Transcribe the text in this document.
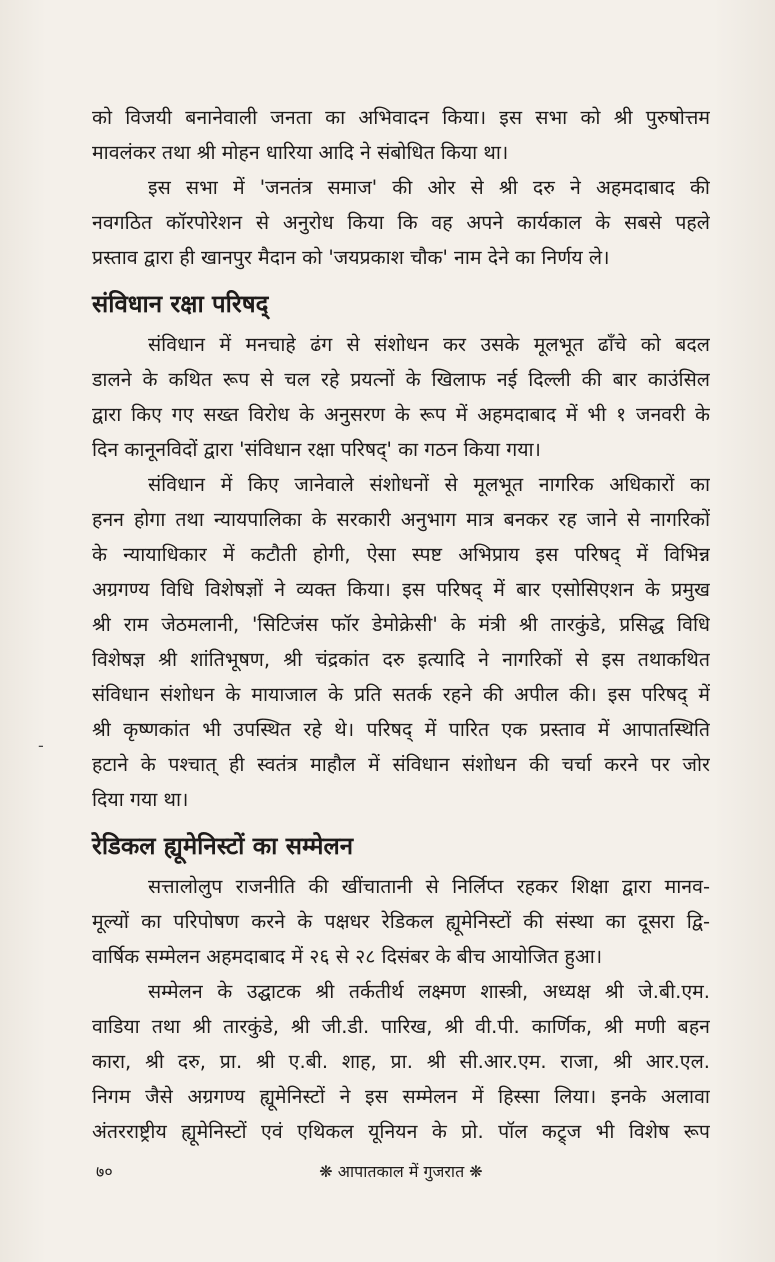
को विजयी बनानेवाली जनता का अभिवादन किया। इस सभा को श्री पुरुषोत्तम
मावलंकर तथा श्री मोहन धारिया आदि ने संबोधित किया था।
इस सभा में 'जनतंत्र समाज' की ओर से श्री दरु ने अहमदाबाद की
नवगठित कॉरपोरेशन से अनुरोध किया कि वह अपने कार्यकाल के सबसे पहले
प्रस्ताव द्वारा ही खानपुर मैदान को 'जयप्रकाश चौक' नाम देने का निर्णय ले।
संविधान रक्षा परिषद्
संविधान में मनचाहे ढंग से संशोधन कर उसके मूलभूत ढाँचे को बदल
डालने के कथित रूप से चल रहे प्रयत्नों के खिलाफ नई दिल्ली की बार काउंसिल
द्वारा किए गए सख्त विरोध के अनुसरण के रूप में अहमदाबाद में भी १ जनवरी के
दिन कानूनविदों द्वारा 'संविधान रक्षा परिषद्' का गठन किया गया।
संविधान में किए जानेवाले संशोधनों से मूलभूत नागरिक अधिकारों का
हनन होगा तथा न्यायपालिका के सरकारी अनुभाग मात्र बनकर रह जाने से नागरिकों
के न्यायाधिकार में कटौती होगी, ऐसा स्पष्ट अभिप्राय इस परिषद् में विभिन्न
अग्रगण्य विधि विशेषज्ञों ने व्यक्त किया। इस परिषद् में बार एसोसिएशन के प्रमुख
श्री राम जेठमलानी, 'सिटिजंस फॉर डेमोक्रेसी' के मंत्री श्री तारकुंडे, प्रसिद्ध विधि
विशेषज्ञ श्री शांतिभूषण, श्री चंद्रकांत दरु इत्यादि ने नागरिकों से इस तथाकथित
संविधान संशोधन के मायाजाल के प्रति सतर्क रहने की अपील की। इस परिषद् में
श्री कृष्णकांत भी उपस्थित रहे थे। परिषद् में पारित एक प्रस्ताव में आपातस्थिति
हटाने के पश्चात् ही स्वतंत्र माहौल में संविधान संशोधन की चर्चा करने पर जोर
दिया गया था।
रेडिकल ह्यूमेनिस्टों का सम्मेलन
सत्तालोलुप राजनीति की खींचातानी से निर्लिप्त रहकर शिक्षा द्वारा मानव-
मूल्यों का परिपोषण करने के पक्षधर रेडिकल ह्यूमेनिस्टों की संस्था का दूसरा द्वि-
वार्षिक सम्मेलन अहमदाबाद में २६ से २८ दिसंबर के बीच आयोजित हुआ।
सम्मेलन के उद्घाटक श्री तर्कतीर्थ लक्ष्मण शास्त्री, अध्यक्ष श्री जे.बी.एम.
वाडिया तथा श्री तारकुंडे, श्री जी.डी. पारिख, श्री वी.पी. कार्णिक, श्री मणी बहन
कारा, श्री दरु, प्रा. श्री ए.बी. शाह, प्रा. श्री सी.आर.एम. राजा, श्री आर.एल.
निगम जैसे अग्रगण्य ह्यूमेनिस्टों ने इस सम्मेलन में हिस्सा लिया। इनके अलावा
अंतरराष्ट्रीय ह्यूमेनिस्टों एवं एथिकल यूनियन के प्रो. पॉल कट्र्ज भी विशेष रूप
-
७०	❋ आपातकाल में गुजरात ❋
